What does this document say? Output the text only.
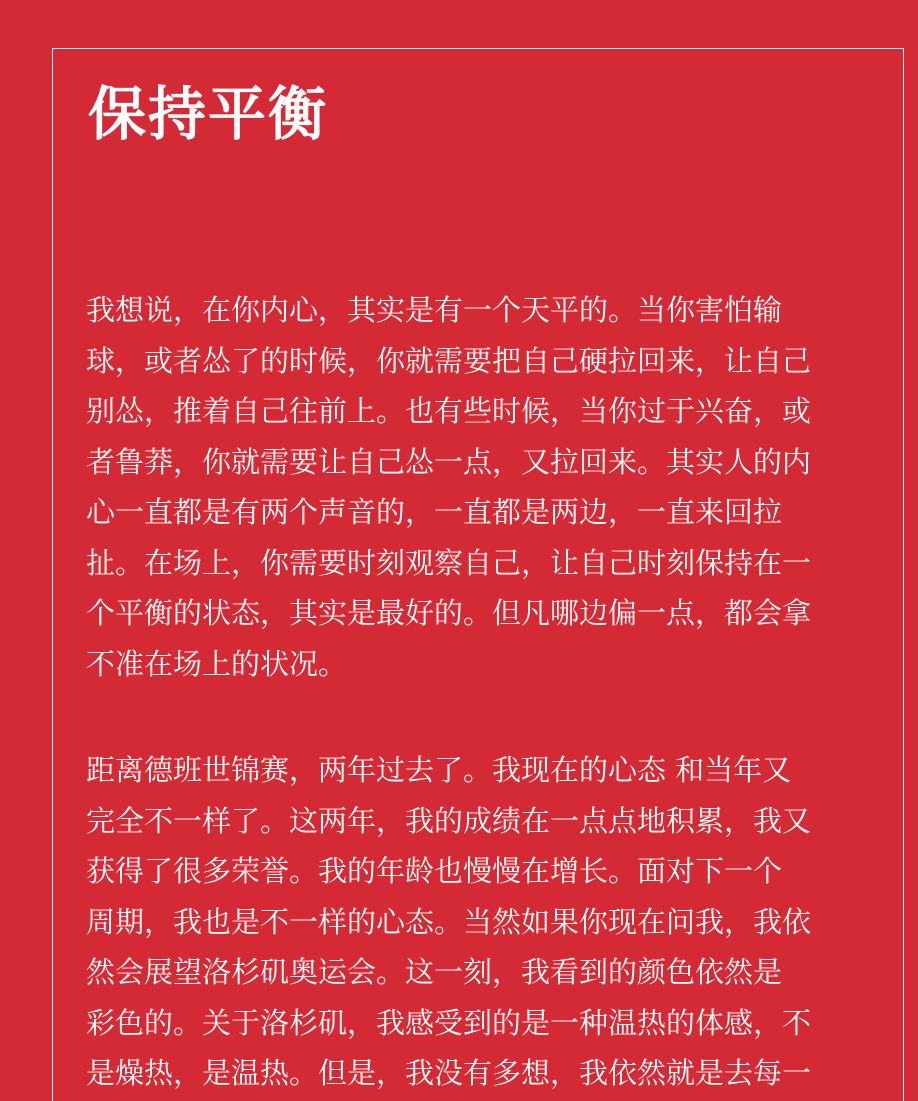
保持平衡
我想说，在你内心，其实是有一个天平的。当你害怕输
球，或者怂了的时候，你就需要把自己硬拉回来，让自己
别怂，推着自己往前上。也有些时候，当你过于兴奋，或
者鲁莽，你就需要让自己怂一点，又拉回来。其实人的内
心一直都是有两个声音的，一直都是两边，一直来回拉
扯。在场上，你需要时刻观察自己，让自己时刻保持在一
个平衡的状态，其实是最好的。但凡哪边偏一点，都会拿
不准在场上的状况。
距离德班世锦赛，两年过去了。我现在的心态 和当年又
完全不一样了。这两年，我的成绩在一点点地积累，我又
获得了很多荣誉。我的年龄也慢慢在增长。面对下一个
周期，我也是不一样的心态。当然如果你现在问我，我依
然会展望洛杉矶奥运会。这一刻，我看到的颜色依然是
彩色的。关于洛杉矶，我感受到的是一种温热的体感，不
是燥热，是温热。但是，我没有多想，我依然就是去每一
